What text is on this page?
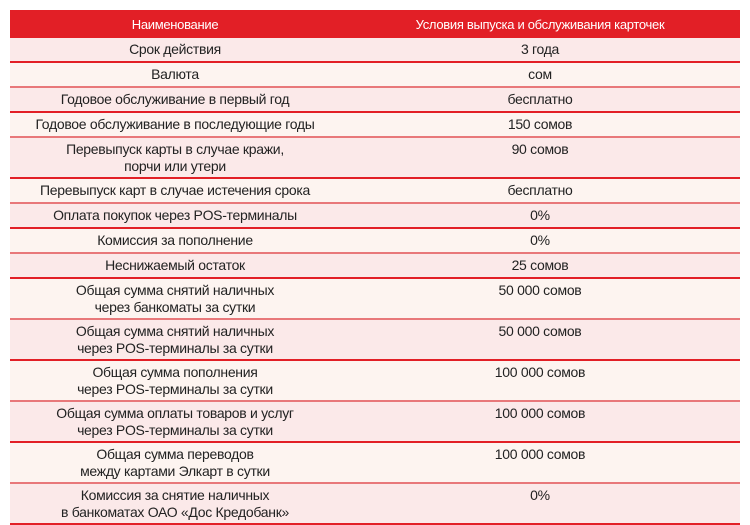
Наименование	Условия выпуска и обслуживания карточек
Срок действия	3 года
Валюта	сом
Годовое обслуживание в первый год	бесплатно
Годовое обслуживание в последующие годы	150 сомов
Перевыпуск карты в случае кражи,
порчи или утери	90 сомов
Перевыпуск карт в случае истечения срока	бесплатно
Оплата покупок через POS-терминалы	0%
Комиссия за пополнение	0%
Неснижаемый остаток	25 сомов
Общая сумма снятий наличных
через банкоматы за сутки	50 000 сомов
Общая сумма снятий наличных
через POS-терминалы за сутки	50 000 сомов
Общая сумма пополнения
через POS-терминалы за сутки	100 000 сомов
Общая сумма оплаты товаров и услуг
через POS-терминалы за сутки	100 000 сомов
Общая сумма переводов
между картами Элкарт в сутки	100 000 сомов
Комиссия за снятие наличных
в банкоматах ОАО «Дос Кредобанк»	0%
